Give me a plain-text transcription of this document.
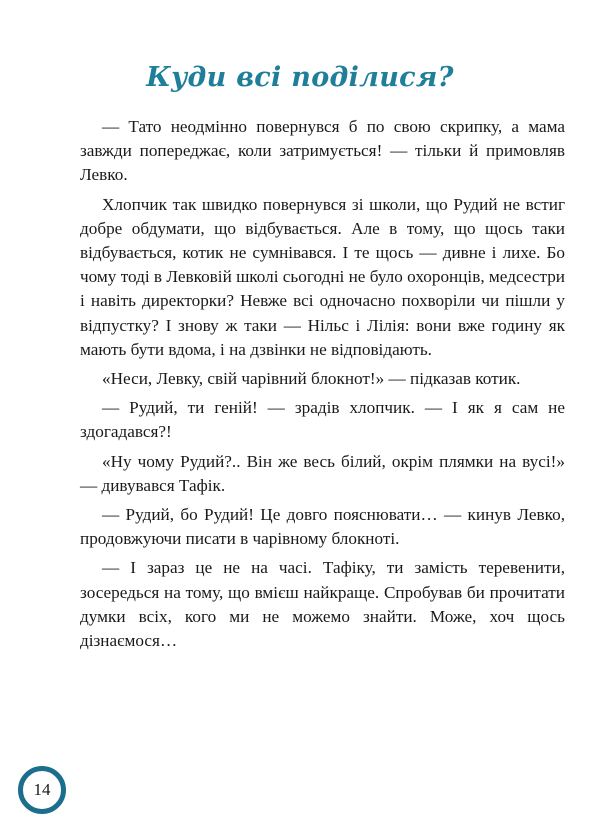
Куди всі поділися?

— Тато неодмінно повернувся б по свою скрипку, а мама завжди попереджає, коли затримується! — тільки й примовляв Левко.

Хлопчик так швидко повернувся зі школи, що Рудий не встиг добре обдумати, що відбувається. Але в тому, що щось таки відбувається, котик не сумнівався. І те щось — дивне і лихе. Бо чому тоді в Левковій школі сьогодні не було охоронців, медсестри і навіть директорки? Невже всі одночасно похворіли чи пішли у відпустку? І знову ж таки — Нільс і Лілія: вони вже годину як мають бути вдома, і на дзвінки не відповідають.

«Неси, Левку, свій чарівний блокнот!» — підказав котик.

— Рудий, ти геній! — зрадів хлопчик. — І як я сам не здогадався?!

«Ну чому Рудий?.. Він же весь білий, окрім плямки на вусі!» — дивувався Тафік.

— Рудий, бо Рудий! Це довго пояснювати… — кинув Левко, продовжуючи писати в чарівному блокноті.

— І зараз це не на часі. Тафіку, ти замість теревенити, зосередься на тому, що вмієш найкраще. Спробував би прочитати думки всіх, кого ми не можемо знайти. Може, хоч щось дізнаємося…

14
